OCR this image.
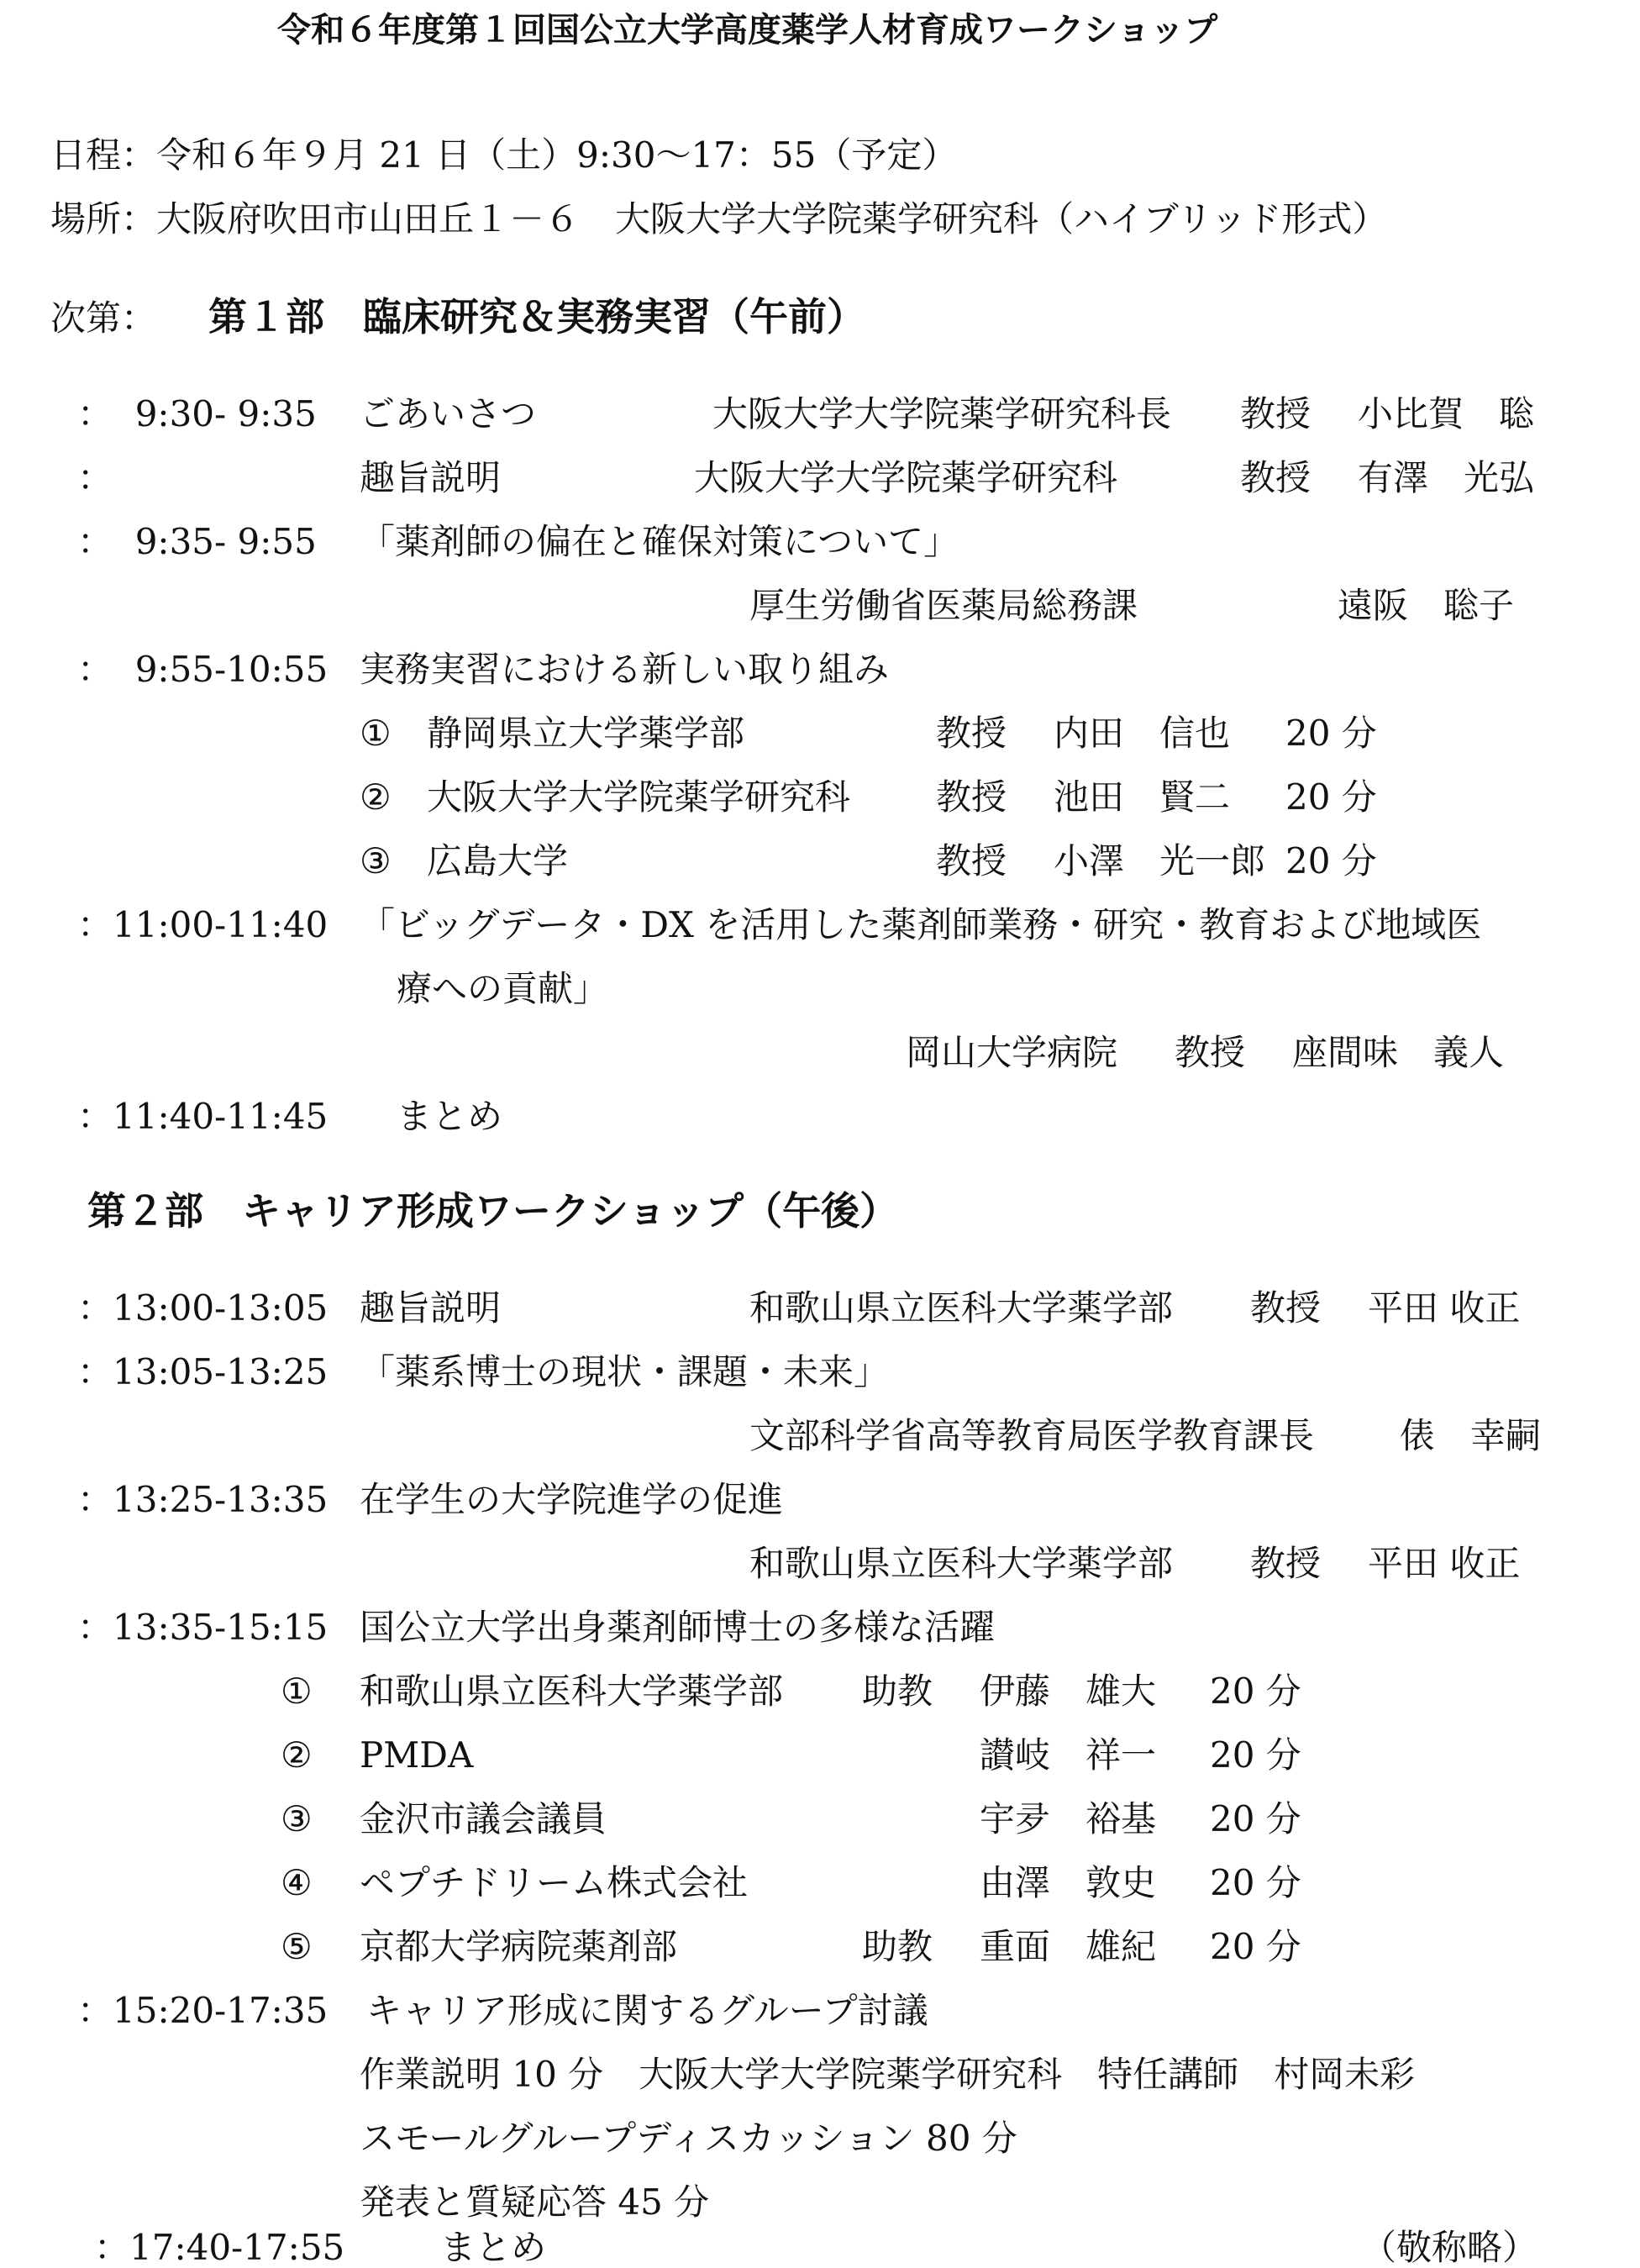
令和６年度第１回国公立大学高度薬学人材育成ワークショップ
日程：令和６年９月 21 日（土）9:30～17：55（予定）
場所：大阪府吹田市山田丘１－６　大阪大学大学院薬学研究科（ハイブリッド形式）
次第： 第１部　臨床研究＆実務実習（午前）
：  9:30- 9:35 ごあいさつ	大阪大学大学院薬学研究科長 教授 小比賀　聡
：	趣旨説明	大阪大学大学院薬学研究科	教授 有澤　光弘
：  9:35- 9:55 「薬剤師の偏在と確保対策について」
厚生労働省医薬局総務課	遠阪　聡子
：  9:55-10:55 実務実習における新しい取り組み
① 静岡県立大学薬学部	教授 内田　信也 20 分
② 大阪大学大学院薬学研究科 教授 池田　賢二 20 分
③ 広島大学	教授 小澤　光一郎 20 分
：11:00-11:40 「ビッグデータ・DX を活用した薬剤師業務・研究・教育および地域医
療への貢献」
岡山大学病院 教授 座間味　義人
：11:40-11:45 まとめ
第２部　キャリア形成ワークショップ（午後）
：13:00-13:05 趣旨説明	和歌山県立医科大学薬学部 教授 平田 收正
：13:05-13:25 「薬系博士の現状・課題・未来」
文部科学省高等教育局医学教育課長 俵　幸嗣
：13:25-13:35 在学生の大学院進学の促進
和歌山県立医科大学薬学部 教授 平田 收正
：13:35-15:15 国公立大学出身薬剤師博士の多様な活躍
① 和歌山県立医科大学薬学部 助教 伊藤　雄大 20 分
② PMDA	讃岐　祥一 20 分
③ 金沢市議会議員	宇夛　裕基 20 分
④ ペプチドリーム株式会社	由澤　敦史 20 分
⑤ 京都大学病院薬剤部	助教 重面　雄紀 20 分
：15:20-17:35 キャリア形成に関するグループ討議
作業説明 10 分　大阪大学大学院薬学研究科　特任講師　村岡未彩
スモールグループディスカッション 80 分
発表と質疑応答 45 分
：17:40-17:55	まとめ	（敬称略）
